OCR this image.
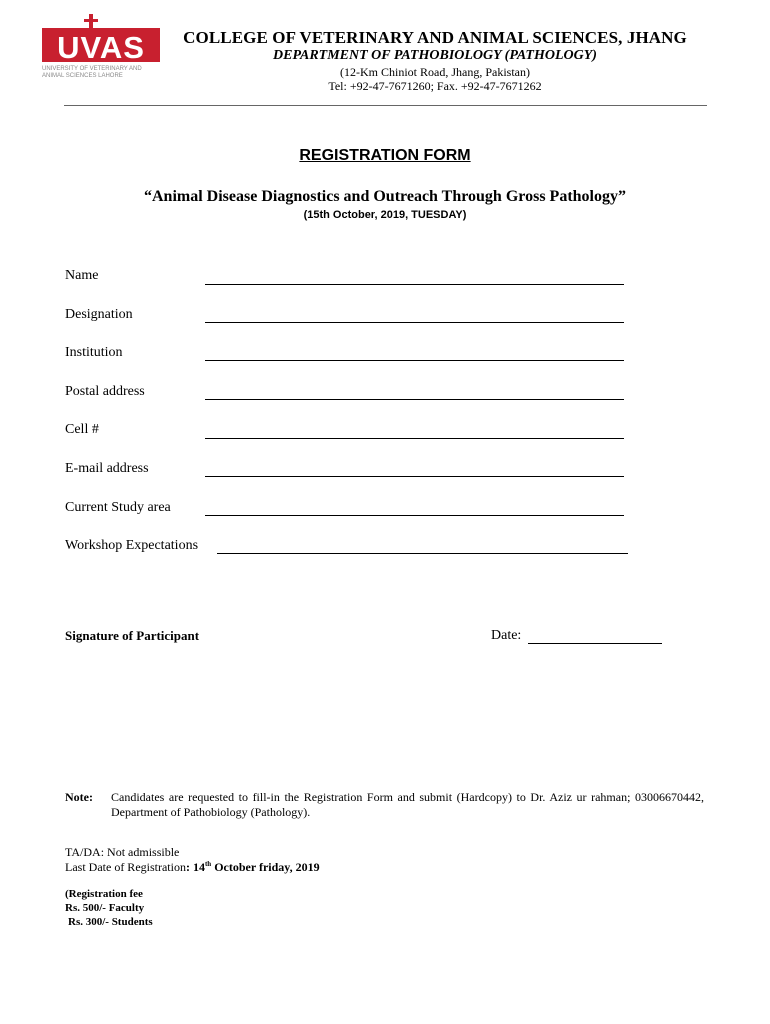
UVAS
UNIVERSITY OF VETERINARY AND ANIMAL SCIENCES LAHORE
COLLEGE OF VETERINARY AND ANIMAL SCIENCES, JHANG
DEPARTMENT OF PATHOBIOLOGY (PATHOLOGY)
(12-Km Chiniot Road, Jhang, Pakistan)
Tel: +92-47-7671260; Fax. +92-47-7671262
REGISTRATION FORM
“Animal Disease Diagnostics and Outreach Through Gross Pathology”
(15th October, 2019, TUESDAY)
Name
Designation
Institution
Postal address
Cell #
E-mail address
Current Study area
Workshop Expectations
Signature of Participant	Date:
Note: Candidates are requested to fill-in the Registration Form and submit (Hardcopy) to Dr. Aziz ur rahman; 03006670442, Department of Pathobiology (Pathology).
TA/DA: Not admissible
Last Date of Registration: 14th October friday, 2019
(Registration fee
Rs. 500/- Faculty
Rs. 300/- Students
